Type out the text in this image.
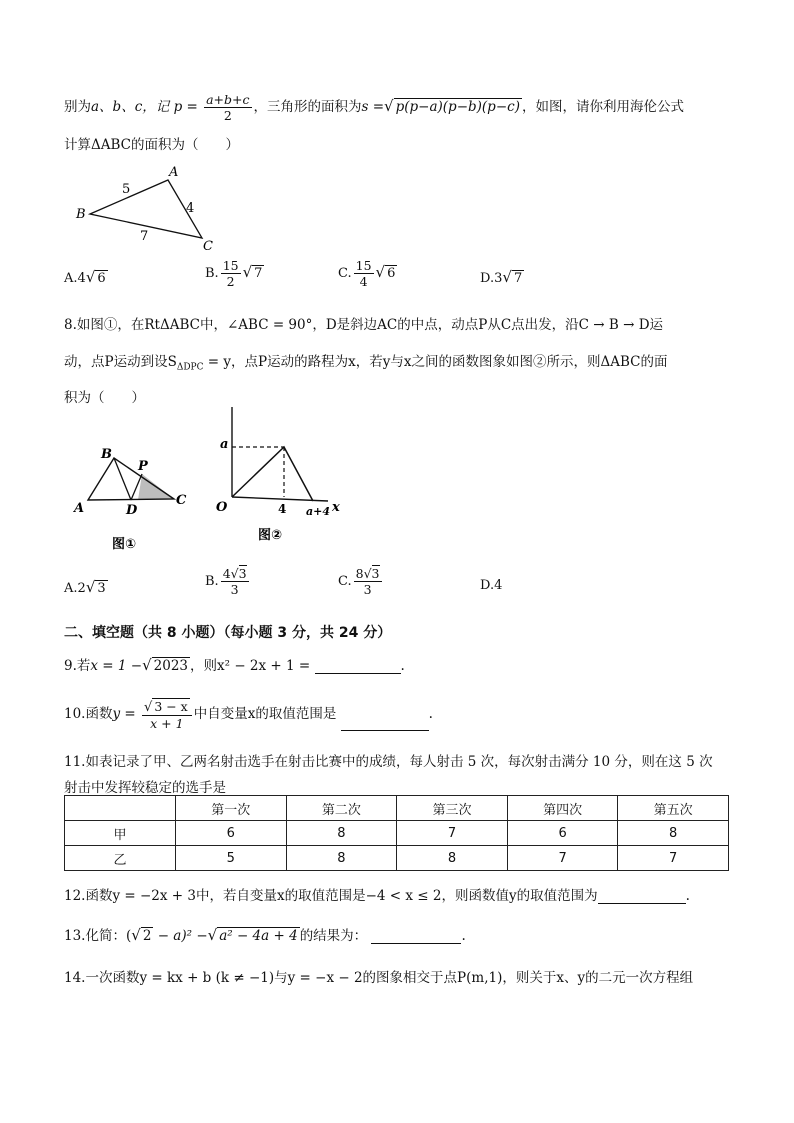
别为a、b、c，记 $p = \frac{a+b+c}{2}$ ，三角形的面积为s =√ p(p−a)(p−b)(p−c) ，如图，请你利用海伦公式
计算ΔABC的面积为（　　）
A
B
C
5
4
7
A.4√ 6	B. $\frac{15}{2}$ √ 7	C. $\frac{15}{4}$ √ 6	D.3√ 7
8.如图①，在RtΔABC中，∠ABC = 90°，D是斜边AC的中点，动点P从C点出发，沿C → B → D运
动，点P运动到设$S_{\Delta DPC} = y$，点P运动的路程为x，若y与x之间的函数图象如图②所示，则ΔABC的面
积为（　　）
B
P
A	D
C
图①
a
O	4 a+4 x
图②
A.2√ 3	B. $\frac{4√3}{3}$	C. $\frac{8√3}{3}$	D.4
二、填空题（共 8 小题）（每小题 3 分，共 24 分）
9.若x = 1 −√ 2023 ，则x² − 2x + 1 =	.
10.函数$y = \frac{√ 3 - x}{x + 1}$ 中自变量x的取值范围是	.
11.如表记录了甲、乙两名射击选手在射击比赛中的成绩，每人射击 5 次，每次射击满分 10 分，则在这 5 次
射击中发挥较稳定的选手是
	第一次	第二次	第三次	第四次	第五次
甲	6	8	7	6	8
乙	5	8	8	7	7
12.函数y = −2x + 3中，若自变量x的取值范围是−4 < x ≤ 2，则函数值y的取值范围为	.
13.化简：(√ 2 − a)² −√ a² − 4a + 4 的结果为：	.
14.一次函数y = kx + b (k ≠ −1)与y = −x − 2的图象相交于点P(m,1)，则关于x、y的二元一次方程组
